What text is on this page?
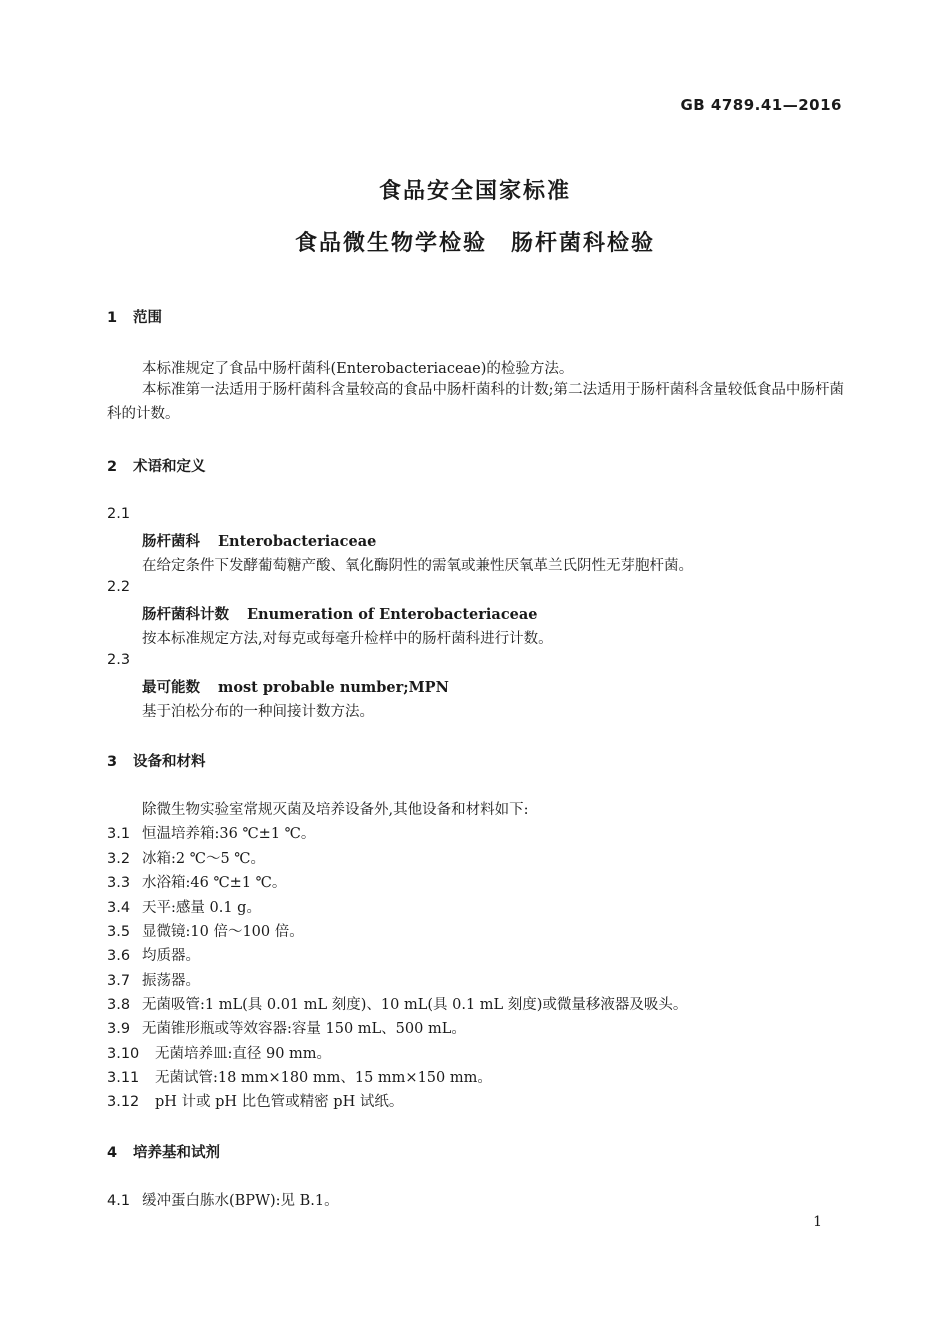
GB 4789.41—2016
食品安全国家标准
食品微生物学检验　肠杆菌科检验
1 范围
本标准规定了食品中肠杆菌科(Enterobacteriaceae)的检验方法。
本标准第一法适用于肠杆菌科含量较高的食品中肠杆菌科的计数;第二法适用于肠杆菌科含量较低食品中肠杆菌科的计数。
2 术语和定义
2.1
肠杆菌科 Enterobacteriaceae
在给定条件下发酵葡萄糖产酸、氧化酶阴性的需氧或兼性厌氧革兰氏阴性无芽胞杆菌。
2.2
肠杆菌科计数 Enumeration of Enterobacteriaceae
按本标准规定方法,对每克或每毫升检样中的肠杆菌科进行计数。
2.3
最可能数 most probable number;MPN
基于泊松分布的一种间接计数方法。
3 设备和材料
除微生物实验室常规灭菌及培养设备外,其他设备和材料如下:
3.1 恒温培养箱:36 ℃±1 ℃。
3.2 冰箱:2 ℃～5 ℃。
3.3 水浴箱:46 ℃±1 ℃。
3.4 天平:感量 0.1 g。
3.5 显微镜:10 倍～100 倍。
3.6 均质器。
3.7 振荡器。
3.8 无菌吸管:1 mL(具 0.01 mL 刻度)、10 mL(具 0.1 mL 刻度)或微量移液器及吸头。
3.9 无菌锥形瓶或等效容器:容量 150 mL、500 mL。
3.10 无菌培养皿:直径 90 mm。
3.11 无菌试管:18 mm×180 mm、15 mm×150 mm。
3.12 pH 计或 pH 比色管或精密 pH 试纸。
4 培养基和试剂
4.1 缓冲蛋白胨水(BPW):见 B.1。
1
